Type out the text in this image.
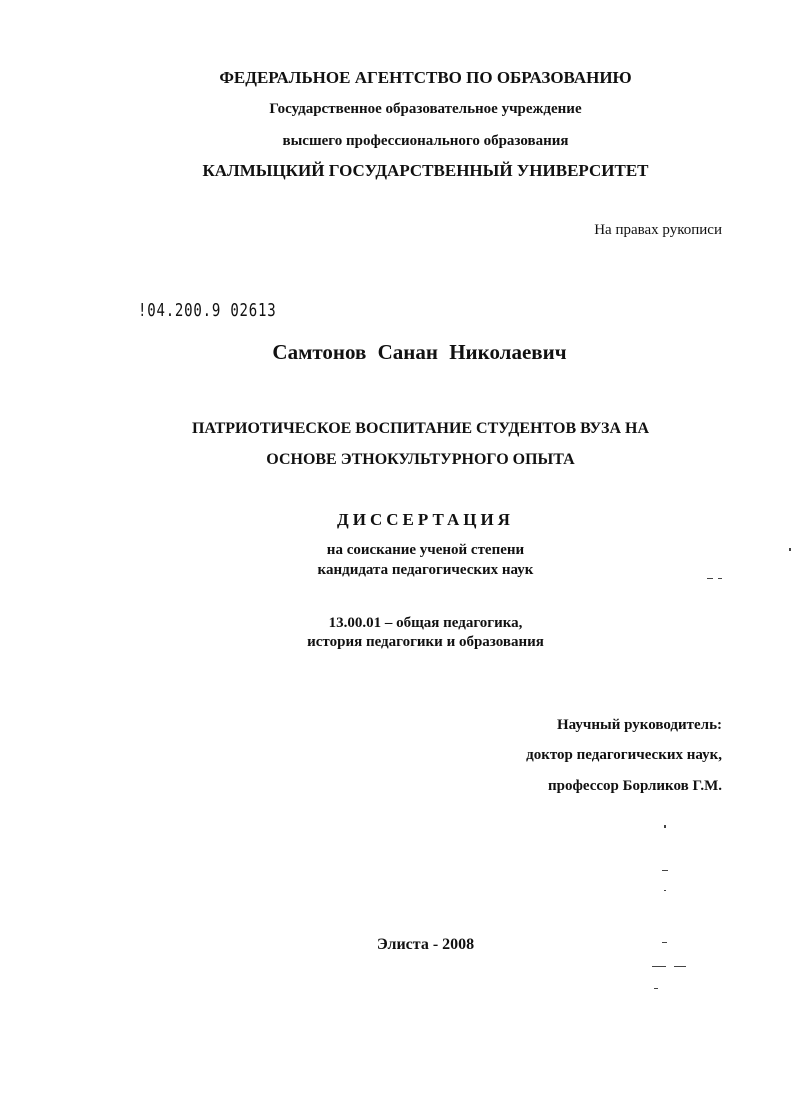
ФЕДЕРАЛЬНОЕ АГЕНТСТВО ПО ОБРАЗОВАНИЮ
Государственное образовательное учреждение
высшего профессионального образования
КАЛМЫЦКИЙ ГОСУДАРСТВЕННЫЙ УНИВЕРСИТЕТ
На правах рукописи
!04.200.9 02613
Самтонов Санан Николаевич
ПАТРИОТИЧЕСКОЕ ВОСПИТАНИЕ СТУДЕНТОВ ВУЗА НА
ОСНОВЕ ЭТНОКУЛЬТУРНОГО ОПЫТА
ДИССЕРТАЦИЯ
на соискание ученой степени
кандидата педагогических наук
13.00.01 – общая педагогика,
история педагогики и образования
Научный руководитель:
доктор педагогических наук,
профессор Борликов Г.М.
Элиста - 2008
